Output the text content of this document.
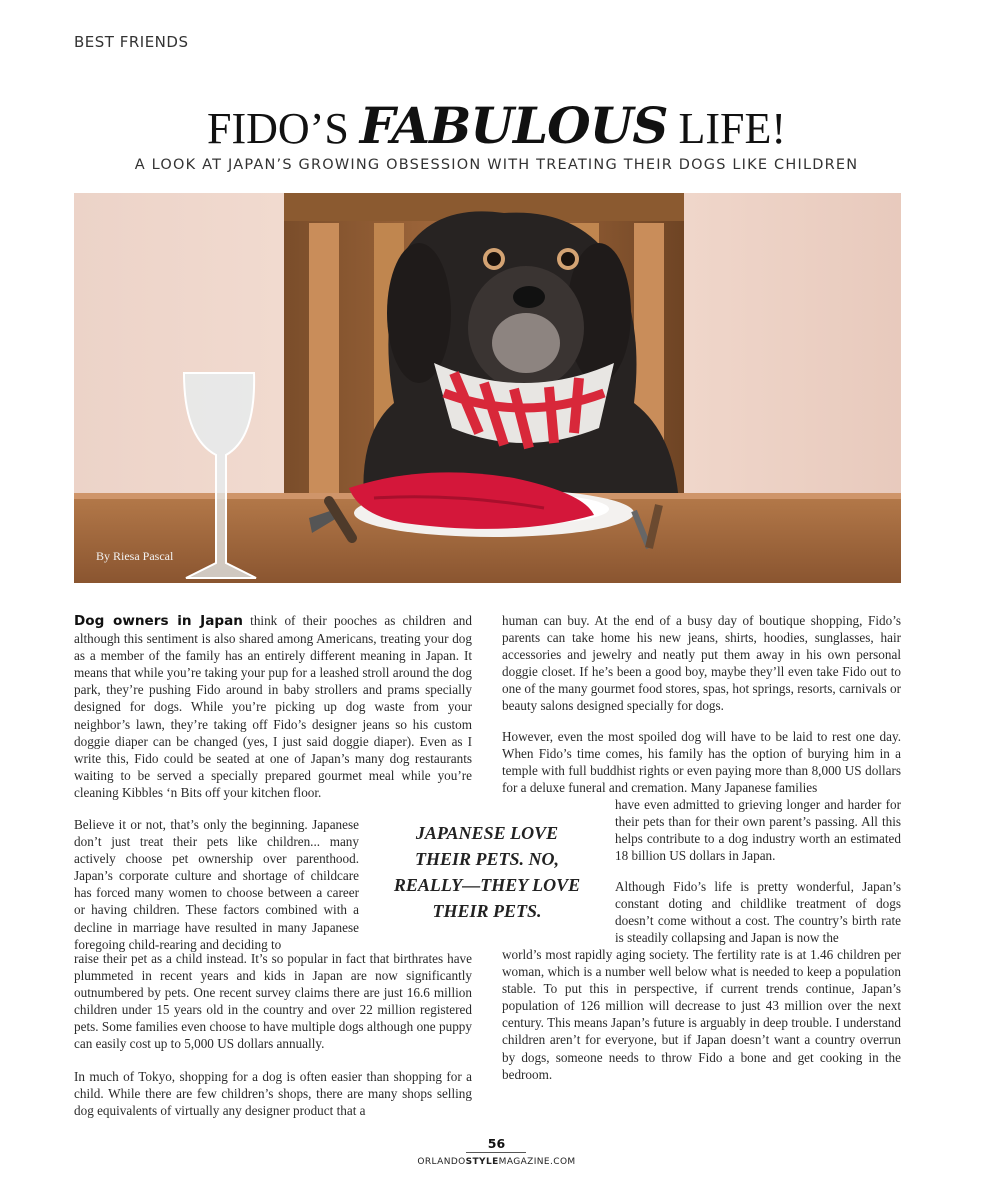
BEST FRIENDS
FIDO’S FABULOUS LIFE!
A LOOK AT JAPAN’S GROWING OBSESSION WITH TREATING THEIR DOGS LIKE CHILDREN
By Riesa Pascal

Dog owners in Japan think of their pooches as children and although this sentiment is also shared among Americans, treating your dog as a member of the family has an entirely different meaning in Japan. It means that while you’re taking your pup for a leashed stroll around the dog park, they’re pushing Fido around in baby strollers and prams specially designed for dogs. While you’re picking up dog waste from your neighbor’s lawn, they’re taking off Fido’s designer jeans so his custom doggie diaper can be changed (yes, I just said doggie diaper). Even as I write this, Fido could be seated at one of Japan’s many dog restaurants waiting to be served a specially prepared gourmet meal while you’re cleaning Kibbles ‘n Bits off your kitchen floor.

Believe it or not, that’s only the beginning. Japanese don’t just treat their pets like children... many actively choose pet ownership over parenthood. Japan’s corporate culture and shortage of childcare has forced many women to choose between a career or having children. These factors combined with a decline in marriage have resulted in many Japanese foregoing child-rearing and deciding to

raise their pet as a child instead. It’s so popular in fact that birthrates have plummeted in recent years and kids in Japan are now significantly outnumbered by pets. One recent survey claims there are just 16.6 million children under 15 years old in the country and over 22 million registered pets. Some families even choose to have multiple dogs although one puppy can easily cost up to 5,000 US dollars annually.

In much of Tokyo, shopping for a dog is often easier than shopping for a child. While there are few children’s shops, there are many shops selling dog equivalents of virtually any designer product that a

human can buy. At the end of a busy day of boutique shopping, Fido’s parents can take home his new jeans, shirts, hoodies, sunglasses, hair accessories and jewelry and neatly put them away in his own personal doggie closet. If he’s been a good boy, maybe they’ll even take Fido out to one of the many gourmet food stores, spas, hot springs, resorts, carnivals or beauty salons designed specially for dogs.

However, even the most spoiled dog will have to be laid to rest one day. When Fido’s time comes, his family has the option of burying him in a temple with full buddhist rights or even paying more than 8,000 US dollars for a deluxe funeral and cremation. Many Japanese families

have even admitted to grieving longer and harder for their pets than for their own parent’s passing. All this helps contribute to a dog industry worth an estimated 18 billion US dollars in Japan.

Although Fido’s life is pretty wonderful, Japan’s constant doting and childlike treatment of dogs doesn’t come without a cost. The country’s birth rate is steadily collapsing and Japan is now the

world’s most rapidly aging society. The fertility rate is at 1.46 children per woman, which is a number well below what is needed to keep a population stable. To put this in perspective, if current trends continue, Japan’s population of 126 million will decrease to just 43 million over the next century. This means Japan’s future is arguably in deep trouble. I understand children aren’t for everyone, but if Japan doesn’t want a country overrun by dogs, someone needs to throw Fido a bone and get cooking in the bedroom.

JAPANESE LOVE
THEIR PETS. NO,
REALLY—THEY LOVE
THEIR PETS.
56
ORLANDOSTYLEMAGAZINE.COM
